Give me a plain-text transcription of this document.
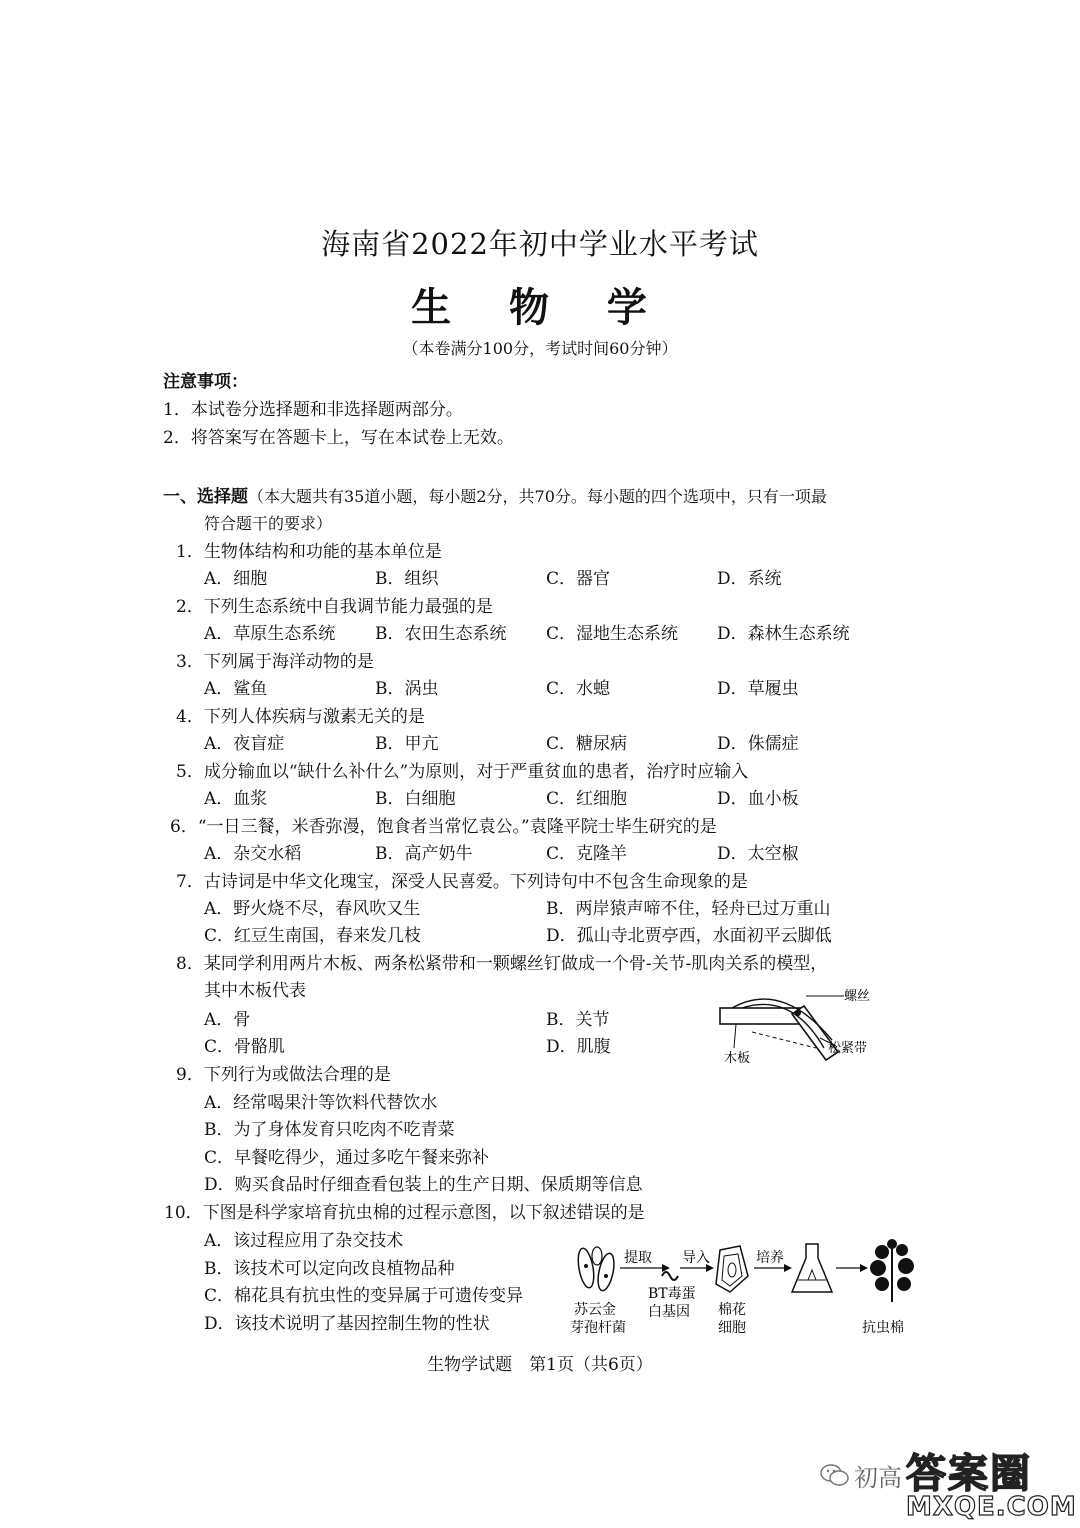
海南省2022年初中学业水平考试
生 物 学
（本卷满分100分，考试时间60分钟）
注意事项：
1．本试卷分选择题和非选择题两部分。
2．将答案写在答题卡上，写在本试卷上无效。
一、选择题（本大题共有35道小题，每小题2分，共70分。每小题的四个选项中，只有一项最
符合题干的要求）
1．生物体结构和功能的基本单位是
A．细胞	B．组织	C．器官	D．系统
2．下列生态系统中自我调节能力最强的是
A．草原生态系统 B．农田生态系统 C．湿地生态系统 D．森林生态系统
3．下列属于海洋动物的是
A．鲨鱼	B．涡虫	C．水螅	D．草履虫
4．下列人体疾病与激素无关的是
A．夜盲症	B．甲亢	C．糖尿病	D．侏儒症
5．成分输血以“缺什么补什么”为原则，对于严重贫血的患者，治疗时应输入
A．血浆	B．白细胞	C．红细胞	D．血小板
6．“一日三餐，米香弥漫，饱食者当常忆袁公。”袁隆平院士毕生研究的是
A．杂交水稻	B．高产奶牛	C．克隆羊	D．太空椒
7．古诗词是中华文化瑰宝，深受人民喜爱。下列诗句中不包含生命现象的是
A．野火烧不尽，春风吹又生	B．两岸猿声啼不住，轻舟已过万重山
C．红豆生南国，春来发几枝	D．孤山寺北贾亭西，水面初平云脚低
8．某同学利用两片木板、两条松紧带和一颗螺丝钉做成一个骨-关节-肌肉关系的模型，
其中木板代表
A．骨	B．关节
C．骨骼肌	D．肌腹
螺丝
木板
松紧带
9．下列行为或做法合理的是
A．经常喝果汁等饮料代替饮水
B．为了身体发育只吃肉不吃青菜
C．早餐吃得少，通过多吃午餐来弥补
D．购买食品时仔细查看包装上的生产日期、保质期等信息
10．下图是科学家培育抗虫棉的过程示意图，以下叙述错误的是
A．该过程应用了杂交技术
B．该技术可以定向改良植物品种
C．棉花具有抗虫性的变异属于可遗传变异
D．该技术说明了基因控制生物的性状
提取 导入	培养
苏云金
芽孢杆菌
BT毒蛋
白基因 棉花
细胞	抗虫棉
生物学试题　第1页（共6页）
初高 答案圈
MXQE.COM
